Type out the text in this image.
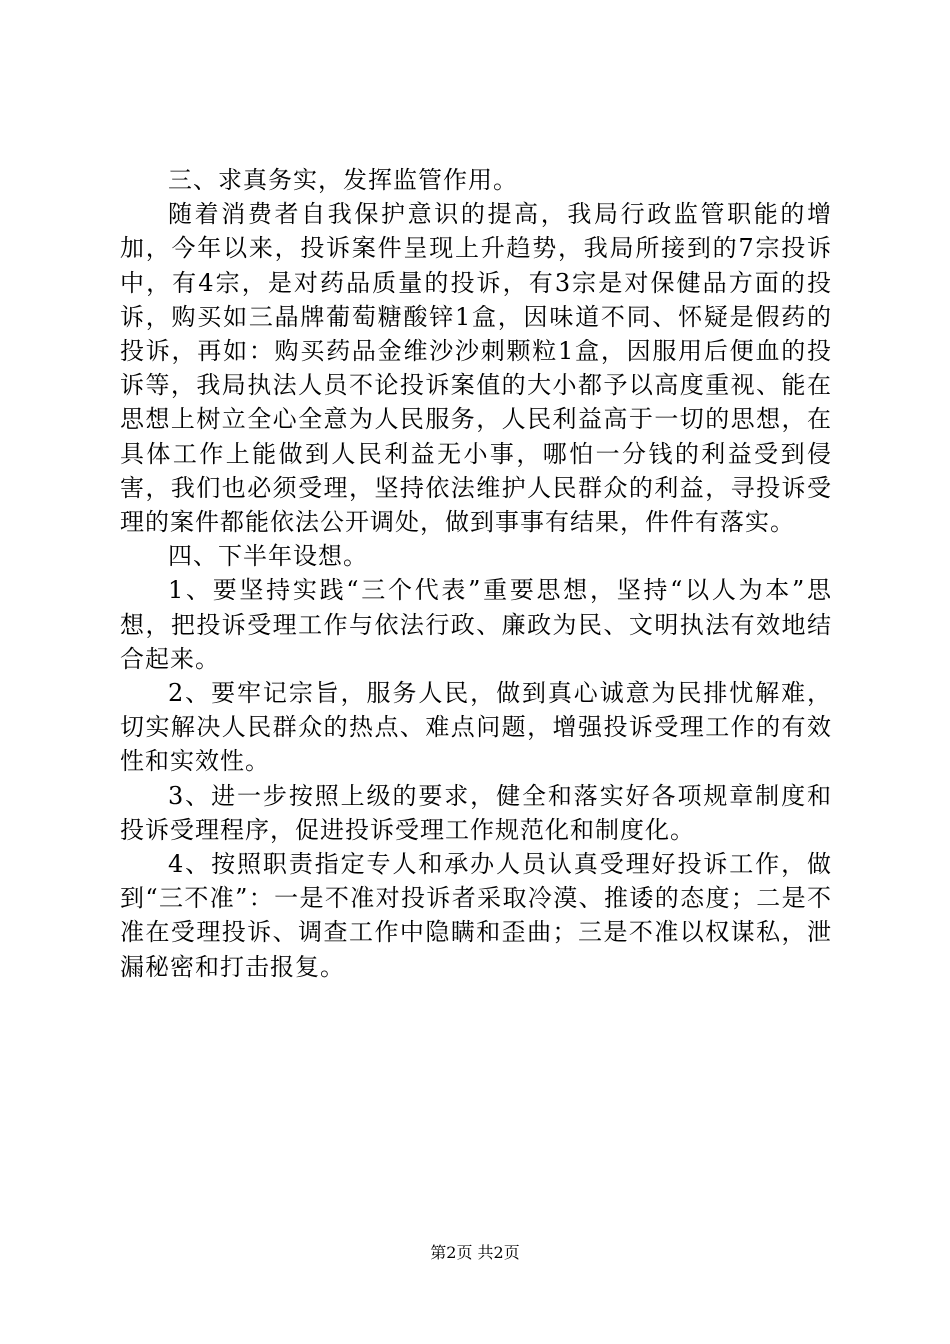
三、求真务实，发挥监管作用。

随着消费者自我保护意识的提高，我局行政监管职能的增加，今年以来，投诉案件呈现上升趋势，我局所接到的7宗投诉中，有4宗，是对药品质量的投诉，有3宗是对保健品方面的投诉，购买如三晶牌葡萄糖酸锌1盒，因味道不同、怀疑是假药的投诉，再如：购买药品金维沙沙刺颗粒1盒，因服用后便血的投诉等，我局执法人员不论投诉案值的大小都予以高度重视、能在思想上树立全心全意为人民服务，人民利益高于一切的思想，在具体工作上能做到人民利益无小事，哪怕一分钱的利益受到侵害，我们也必须受理，坚持依法维护人民群众的利益，寻投诉受理的案件都能依法公开调处，做到事事有结果，件件有落实。

四、下半年设想。

1、要坚持实践“三个代表”重要思想，坚持“以人为本”思想，把投诉受理工作与依法行政、廉政为民、文明执法有效地结合起来。

2、要牢记宗旨，服务人民，做到真心诚意为民排忧解难，切实解决人民群众的热点、难点问题，增强投诉受理工作的有效性和实效性。

3、进一步按照上级的要求，健全和落实好各项规章制度和投诉受理程序，促进投诉受理工作规范化和制度化。

4、按照职责指定专人和承办人员认真受理好投诉工作，做到“三不准”：一是不准对投诉者采取冷漠、推诿的态度；二是不准在受理投诉、调查工作中隐瞒和歪曲；三是不准以权谋私，泄漏秘密和打击报复。

第2页 共2页
